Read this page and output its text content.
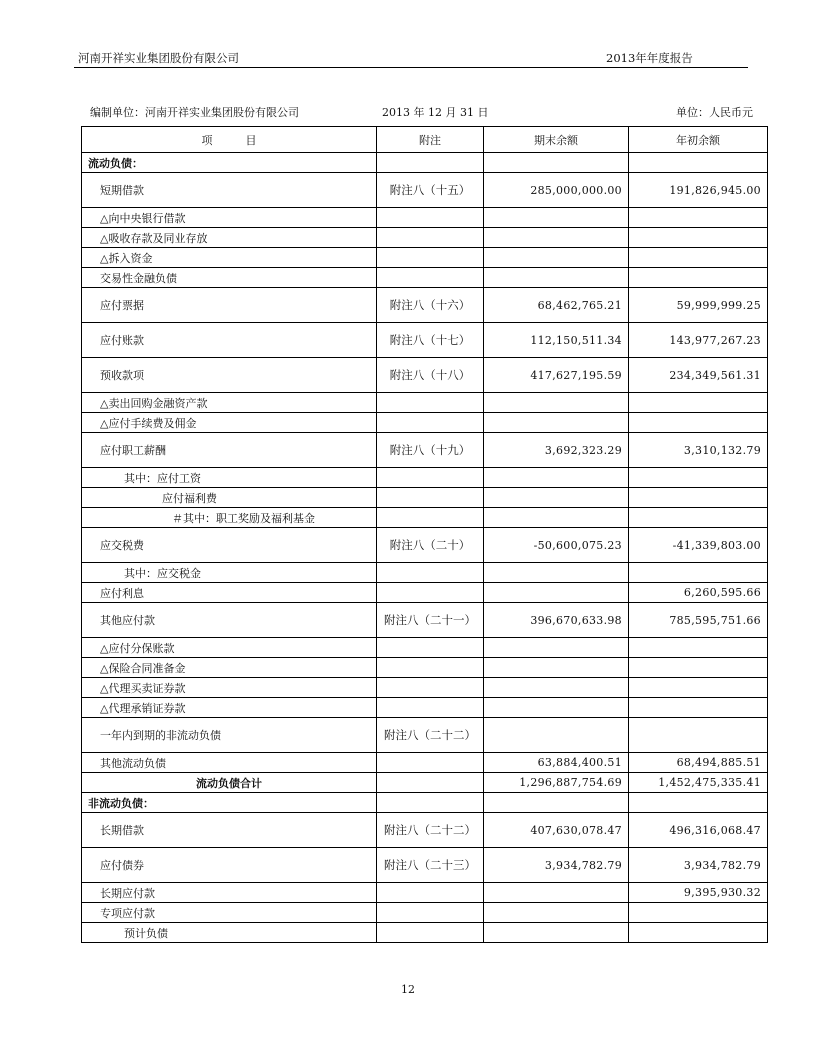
河南开祥实业集团股份有限公司	2013年年度报告
编制单位：河南开祥实业集团股份有限公司	2013 年 12 月 31 日	单位：人民币元
项　　　目	附注	期末余额	年初余额
流动负债：			
短期借款	附注八（十五）	285,000,000.00	191,826,945.00
△向中央银行借款			
△吸收存款及同业存放			
△拆入资金			
交易性金融负债			
应付票据	附注八（十六）	68,462,765.21	59,999,999.25
应付账款	附注八（十七）	112,150,511.34	143,977,267.23
预收款项	附注八（十八）	417,627,195.59	234,349,561.31
△卖出回购金融资产款			
△应付手续费及佣金			
应付职工薪酬	附注八（十九）	3,692,323.29	3,310,132.79
其中：应付工资			
应付福利费			
＃其中：职工奖励及福利基金			
应交税费	附注八（二十）	-50,600,075.23	-41,339,803.00
其中：应交税金			
应付利息			6,260,595.66
其他应付款	附注八（二十一）	396,670,633.98	785,595,751.66
△应付分保账款			
△保险合同准备金			
△代理买卖证券款			
△代理承销证券款			
一年内到期的非流动负债	附注八（二十二）		
其他流动负债		63,884,400.51	68,494,885.51
流动负债合计		1,296,887,754.69	1,452,475,335.41
非流动负债：			
长期借款	附注八（二十二）	407,630,078.47	496,316,068.47
应付债券	附注八（二十三）	3,934,782.79	3,934,782.79
长期应付款			9,395,930.32
专项应付款			
预计负债			
12
